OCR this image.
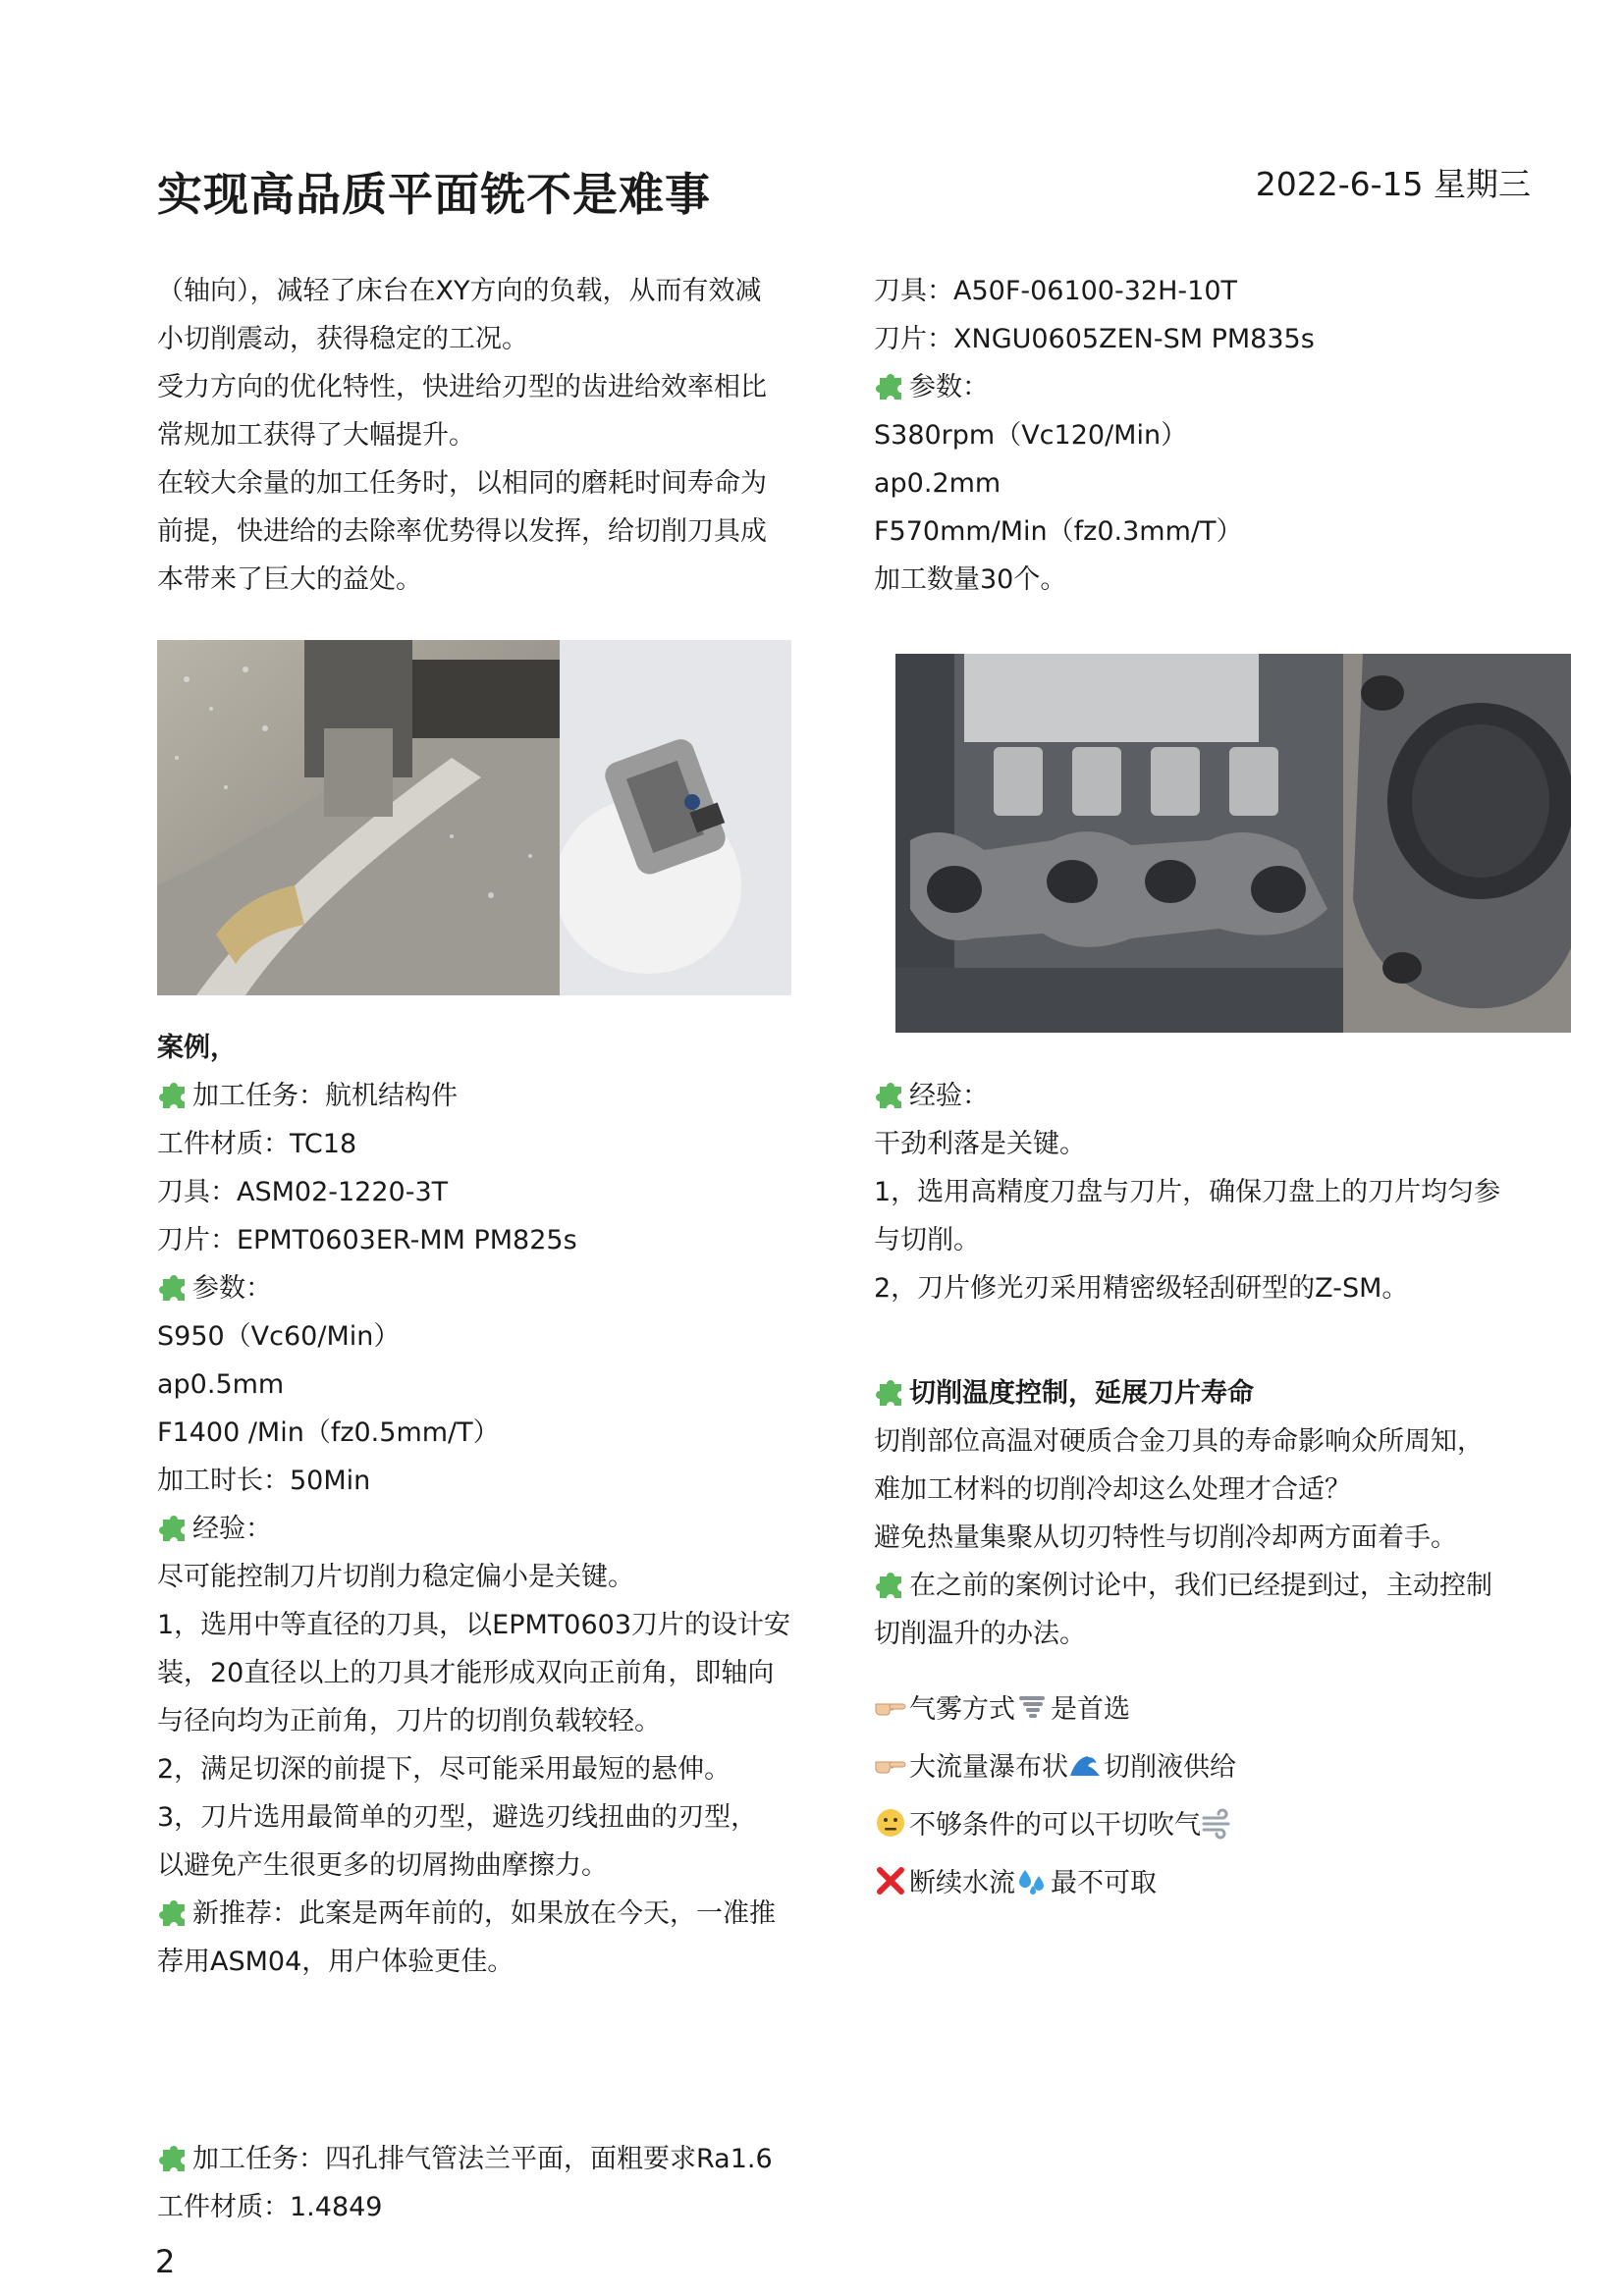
实现高品质平面铣不是难事	2022-6-15 星期三

（轴向），减轻了床台在XY方向的负载，从而有效减

小切削震动，获得稳定的工况。

受力方向的优化特性，快进给刃型的齿进给效率相比

常规加工获得了大幅提升。

在较大余量的加工任务时，以相同的磨耗时间寿命为

前提，快进给的去除率优势得以发挥，给切削刀具成

本带来了巨大的益处。

案例，

加工任务：航机结构件

工件材质：TC18

刀具：ASM02-1220-3T

刀片：EPMT0603ER-MM PM825s

参数：

S950（Vc60/Min）

ap0.5mm

F1400 /Min（fz0.5mm/T）

加工时长：50Min

经验：

尽可能控制刀片切削力稳定偏小是关键。

1，选用中等直径的刀具，以EPMT0603刀片的设计安

装，20直径以上的刀具才能形成双向正前角，即轴向

与径向均为正前角，刀片的切削负载较轻。

2，满足切深的前提下，尽可能采用最短的悬伸。

3，刀片选用最简单的刃型，避选刃线扭曲的刃型，

以避免产生很更多的切屑拗曲摩擦力。

新推荐：此案是两年前的，如果放在今天，一准推

荐用ASM04，用户体验更佳。

加工任务：四孔排气管法兰平面，面粗要求Ra1.6

工件材质：1.4849

2

刀具：A50F-06100-32H-10T

刀片：XNGU0605ZEN-SM PM835s

参数：

S380rpm（Vc120/Min）

ap0.2mm

F570mm/Min（fz0.3mm/T）

加工数量30个。

经验：

干劲利落是关键。

1，选用高精度刀盘与刀片，确保刀盘上的刀片均匀参

与切削。

2，刀片修光刃采用精密级轻刮研型的Z-SM。

切削温度控制，延展刀片寿命

切削部位高温对硬质合金刀具的寿命影响众所周知，

难加工材料的切削冷却这么处理才合适？

避免热量集聚从切刃特性与切削冷却两方面着手。

在之前的案例讨论中，我们已经提到过，主动控制

切削温升的办法。

气雾方式 是首选

大流量瀑布状 切削液供给

不够条件的可以干切吹气

断续水流 最不可取
